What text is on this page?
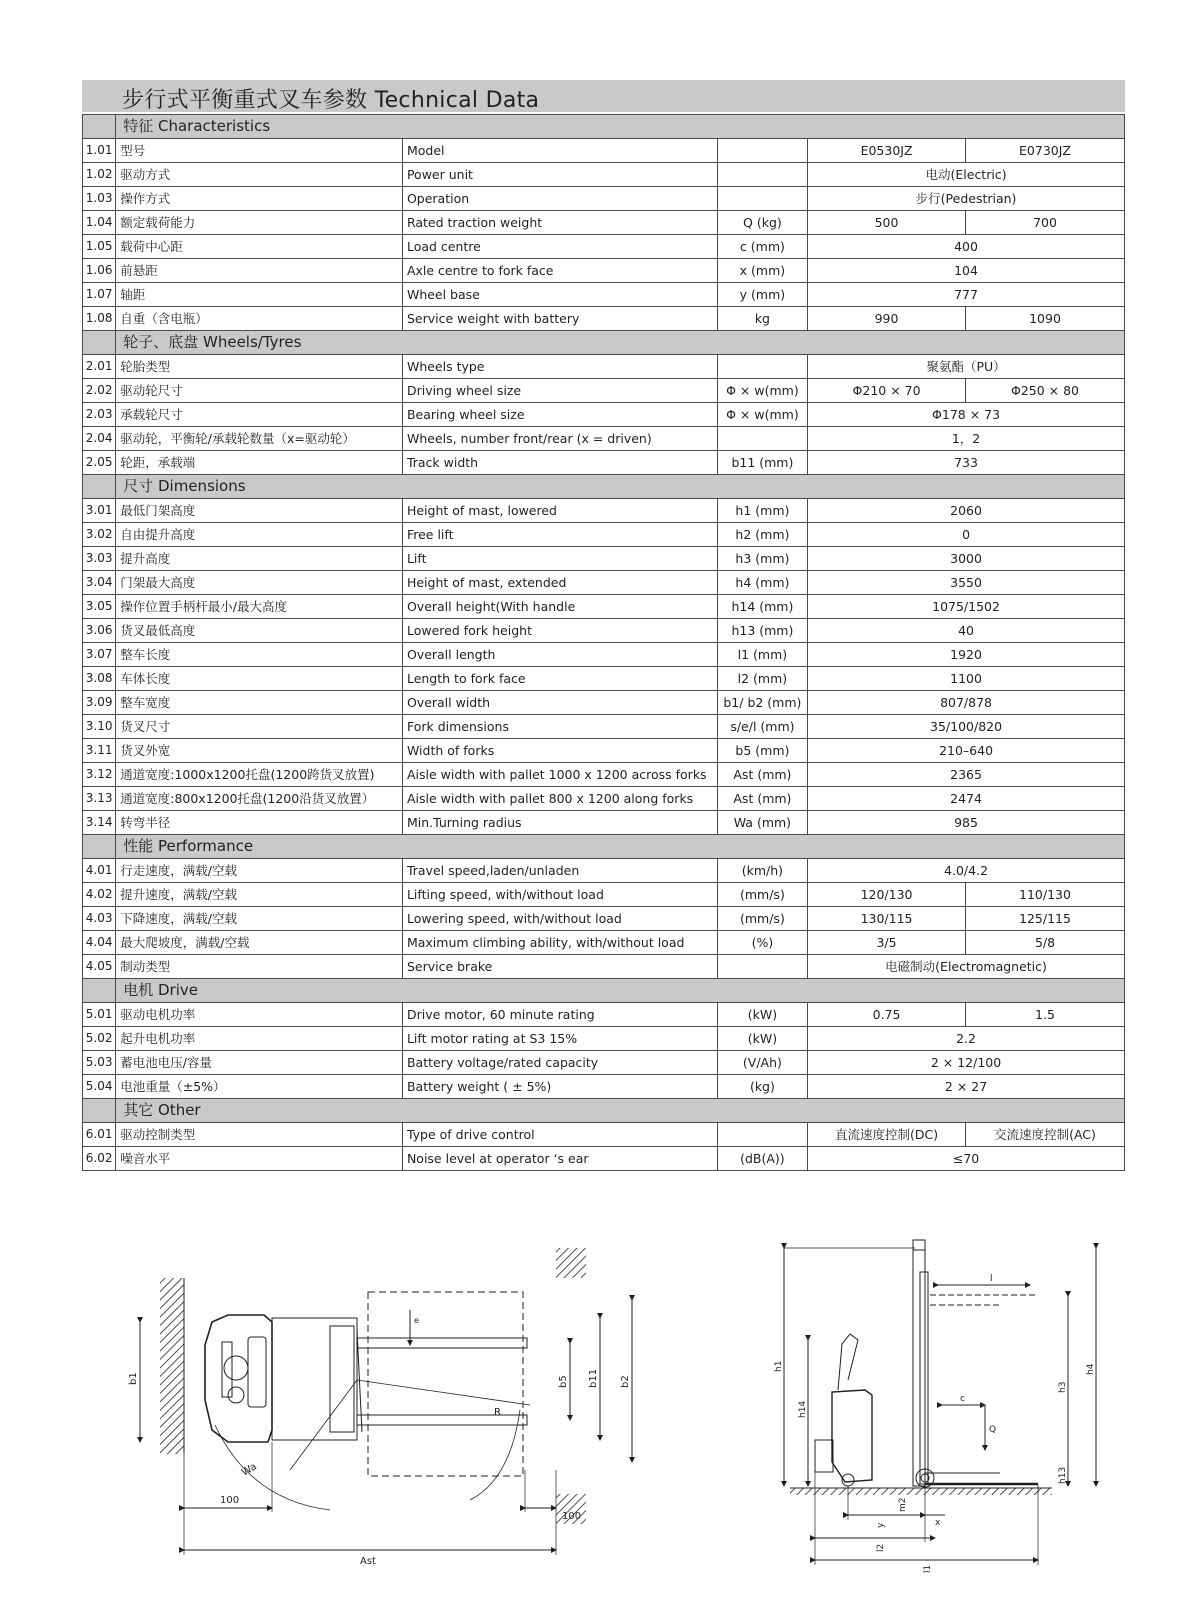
步行式平衡重式叉车参数 Technical Data
	特征 Characteristics				
1.01	型号	Model		E0530JZ	E0730JZ
1.02	驱动方式	Power unit		电动(Electric)	
1.03	操作方式	Operation		步行(Pedestrian)	
1.04	额定载荷能力	Rated traction weight	Q (kg)	500	700
1.05	载荷中心距	Load centre	c (mm)	400	
1.06	前悬距	Axle centre to fork face	x (mm)	104	
1.07	轴距	Wheel base	y (mm)	777	
1.08	自重（含电瓶）	Service weight with battery	kg	990	1090
	轮子、底盘 Wheels/Tyres				
2.01	轮胎类型	Wheels type		聚氨酯（PU）	
2.02	驱动轮尺寸	Driving wheel size	Φ × w(mm)	Φ210 × 70	Φ250 × 80
2.03	承载轮尺寸	Bearing wheel size	Φ × w(mm)	Φ178 × 73	
2.04	驱动轮，平衡轮/承载轮数量（x=驱动轮）	Wheels, number front/rear (x = driven)		1，2	
2.05	轮距，承载端	Track width	b11 (mm)	733	
	尺寸 Dimensions				
3.01	最低门架高度	Height of mast, lowered	h1 (mm)	2060	
3.02	自由提升高度	Free lift	h2 (mm)	0	
3.03	提升高度	Lift	h3 (mm)	3000	
3.04	门架最大高度	Height of mast, extended	h4 (mm)	3550	
3.05	操作位置手柄杆最小/最大高度	Overall height(With handle	h14 (mm)	1075/1502	
3.06	货叉最低高度	Lowered fork height	h13 (mm)	40	
3.07	整车长度	Overall length	l1 (mm)	1920	
3.08	车体长度	Length to fork face	l2 (mm)	1100	
3.09	整车宽度	Overall width	b1/ b2 (mm)	807/878	
3.10	货叉尺寸	Fork dimensions	s/e/l (mm)	35/100/820	
3.11	货叉外宽	Width of forks	b5 (mm)	210–640	
3.12	通道宽度:1000x1200托盘(1200跨货叉放置)	Aisle width with pallet 1000 x 1200 across forks	Ast (mm)	2365	
3.13	通道宽度:800x1200托盘(1200沿货叉放置）	Aisle width with pallet 800 x 1200 along forks	Ast (mm)	2474	
3.14	转弯半径	Min.Turning radius	Wa (mm)	985	
	性能 Performance				
4.01	行走速度，满载/空载	Travel speed,laden/unladen	(km/h)	4.0/4.2	
4.02	提升速度，满载/空载	Lifting speed, with/without load	(mm/s)	120/130	110/130
4.03	下降速度，满载/空载	Lowering speed, with/without load	(mm/s)	130/115	125/115
4.04	最大爬坡度，满载/空载	Maximum climbing ability, with/without load	(%)	3/5	5/8
4.05	制动类型	Service brake		电磁制动(Electromagnetic)	
	电机 Drive				
5.01	驱动电机功率	Drive motor, 60 minute rating	(kW)	0.75	1.5
5.02	起升电机功率	Lift motor rating at S3 15%	(kW)	2.2	
5.03	蓄电池电压/容量	Battery voltage/rated capacity	(V/Ah)	2 × 12/100	
5.04	电池重量（±5%）	Battery weight ( ± 5%)	(kg)	2 × 27	
	其它 Other				
6.01	驱动控制类型	Type of drive control		直流速度控制(DC)	交流速度控制(AC)
6.02	噪音水平	Noise level at operator ‘s ear	(dB(A))	≤70	
b1	b5 b11 b2
e
R
Wa
100
100
Ast
h1
h14
h4
h3
h13
l
c
Q
m2
x
y
l2
l1
